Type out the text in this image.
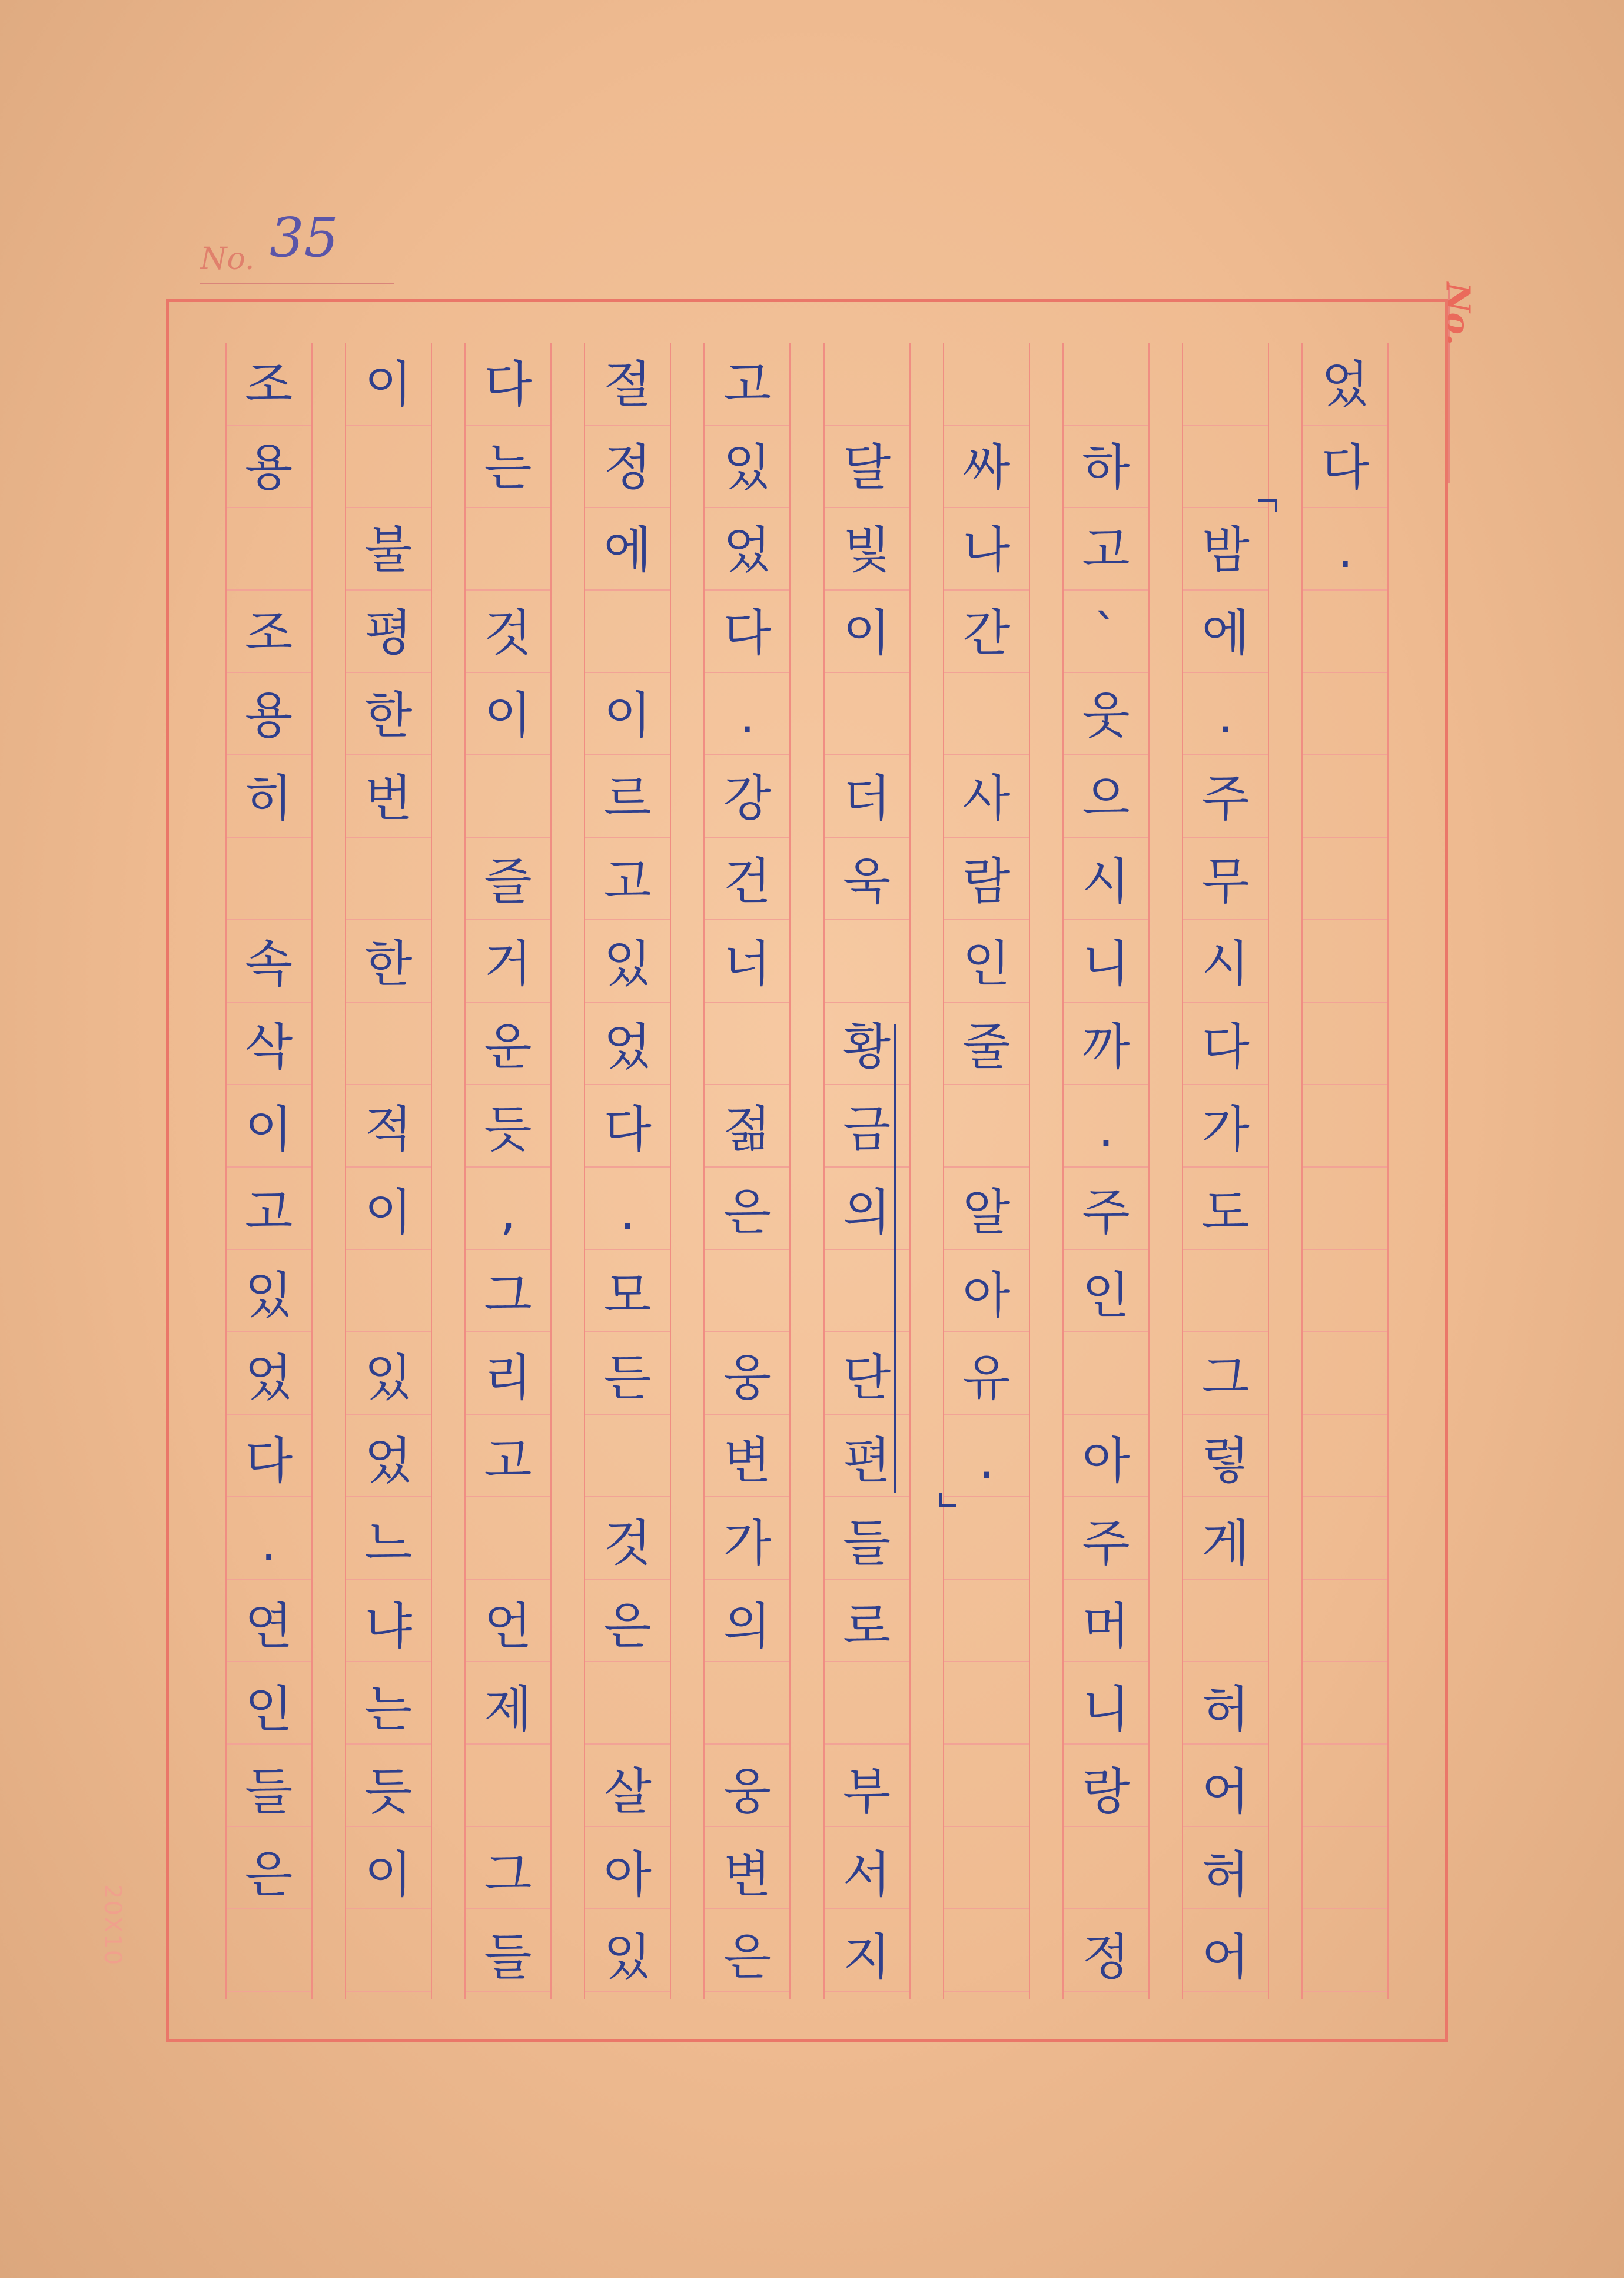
No. 35
No.
20X10
었
다
.
밤
에
.
주
무
시
다
가
도
그
렇
게
허
어
허
어
하
고
`
웃
으
시
니
까
.
주
인
아
주
머
니
랑
정
싸
나
간
사
람
인
줄
알
아
유
.
달
빛
이
더
욱
황
금
의
단
편
들
로
부
서
지
고
있
었
다
.
강
건
너
젊
은
웅
변
가
의
웅
변
은
절
정
에
이
르
고
있
었
다
.
모
든
것
은
살
아
있
다
는
것
이
즐
거
운
듯
,
그
리
고
언
제
그
들
이
불
평
한
번
한
적
이
있
었
느
냐
는
듯
이
조
용
조
용
히
속
삭
이
고
있
었
다
.
연
인
들
은
